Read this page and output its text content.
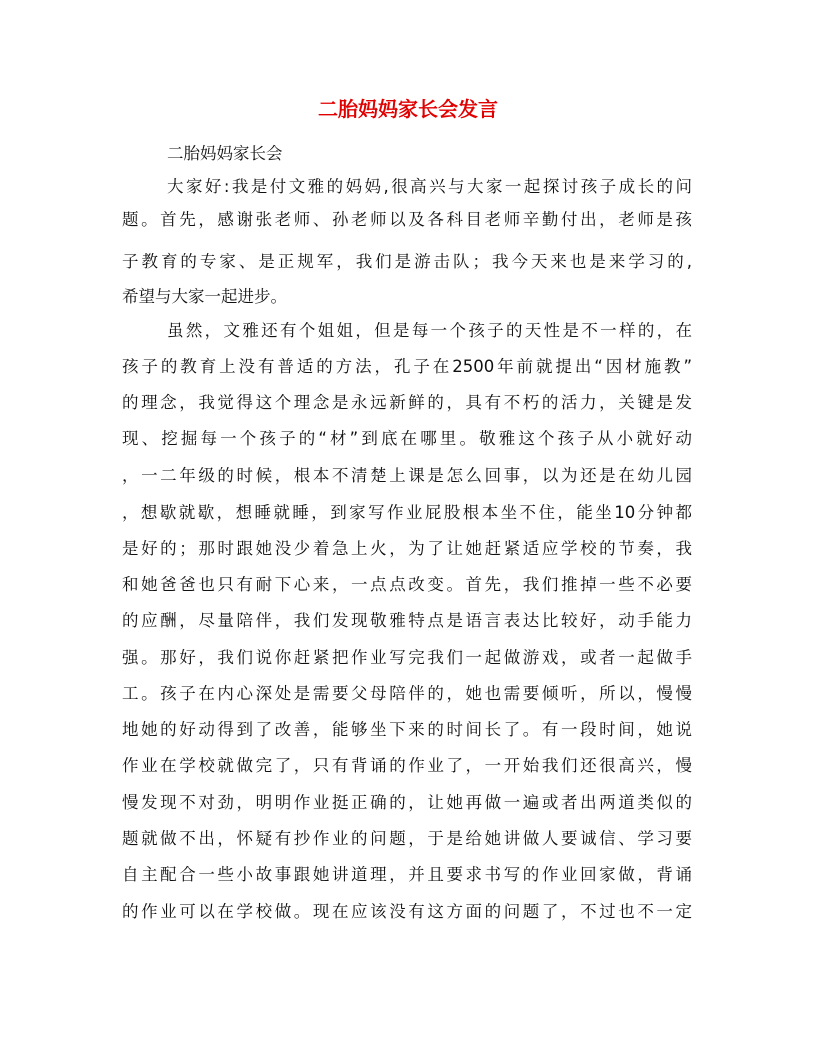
二胎妈妈家长会发言
二胎妈妈家长会
大家好:我是付文雅的妈妈,很高兴与大家一起探讨孩子成长的问
题。首先，感谢张老师、孙老师以及各科目老师辛勤付出，老师是孩
子教育的专家、是正规军，我们是游击队；我今天来也是来学习的,
希望与大家一起进步。
虽然，文雅还有个姐姐，但是每一个孩子的天性是不一样的，在
孩子的教育上没有普适的方法，孔子在2500年前就提出“因材施教”
的理念，我觉得这个理念是永远新鲜的，具有不朽的活力，关键是发
现、挖掘每一个孩子的“材”到底在哪里。敬雅这个孩子从小就好动
，一二年级的时候，根本不清楚上课是怎么回事，以为还是在幼儿园
，想歇就歇，想睡就睡，到家写作业屁股根本坐不住，能坐10分钟都
是好的；那时跟她没少着急上火，为了让她赶紧适应学校的节奏，我
和她爸爸也只有耐下心来，一点点改变。首先，我们推掉一些不必要
的应酬，尽量陪伴，我们发现敬雅特点是语言表达比较好，动手能力
强。那好，我们说你赶紧把作业写完我们一起做游戏，或者一起做手
工。孩子在内心深处是需要父母陪伴的，她也需要倾听，所以，慢慢
地她的好动得到了改善，能够坐下来的时间长了。有一段时间，她说
作业在学校就做完了，只有背诵的作业了，一开始我们还很高兴，慢
慢发现不对劲，明明作业挺正确的，让她再做一遍或者出两道类似的
题就做不出，怀疑有抄作业的问题，于是给她讲做人要诚信、学习要
自主配合一些小故事跟她讲道理，并且要求书写的作业回家做，背诵
的作业可以在学校做。现在应该没有这方面的问题了，不过也不一定
